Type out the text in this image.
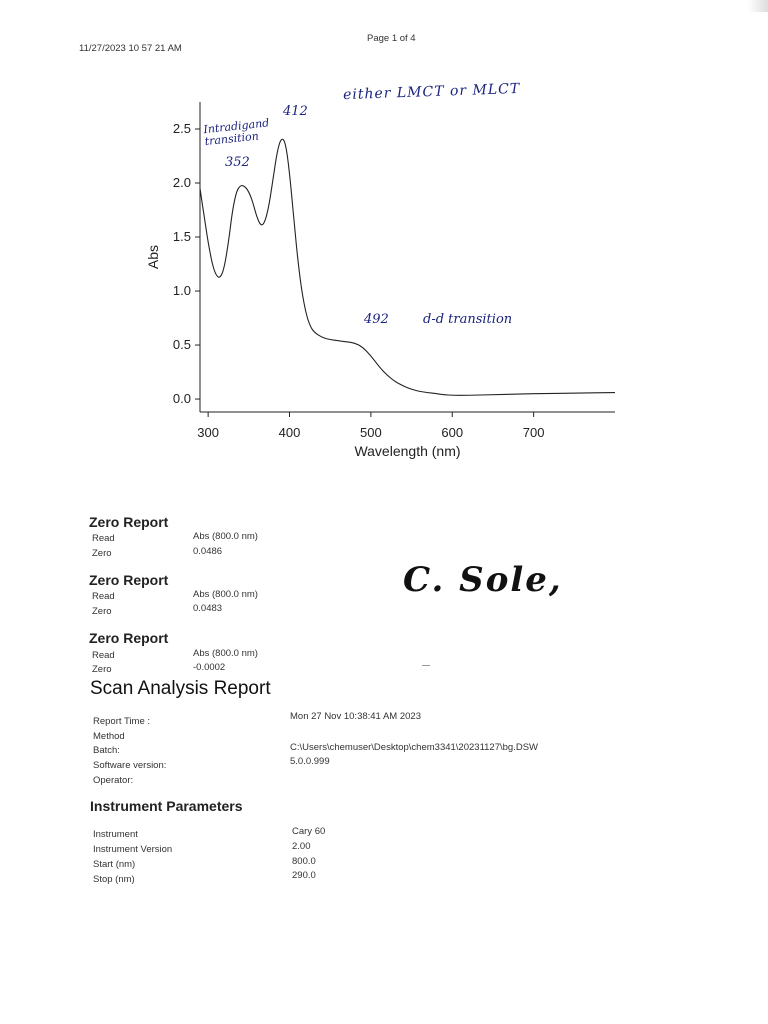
11/27/2023 10 57 21 AM
Page 1 of 4
0.0
0.5
1.0
1.5
2.0
2.5
300	400	500	600	700
Wavelength (nm)
Abs
Intradigand transition
352
412
either LMCT or MLCT
492	d-d transition
Zero Report
Read	Abs (800.0 nm)
Zero	0.0486
Zero Report
Read	Abs (800.0 nm)
Zero	0.0483
Zero Report
Read	Abs (800.0 nm)
Zero	-0.0002
C. Sole,
Scan Analysis Report
Report Time :	Mon 27 Nov 10:38:41 AM 2023
Method
Batch:	C:\Users\chemuser\Desktop\chem3341\20231127\bg.DSW
Software version:	5.0.0.999
Operator:
Instrument Parameters
Instrument	Cary 60
Instrument Version	2.00
Start (nm)	800.0
Stop (nm)	290.0
